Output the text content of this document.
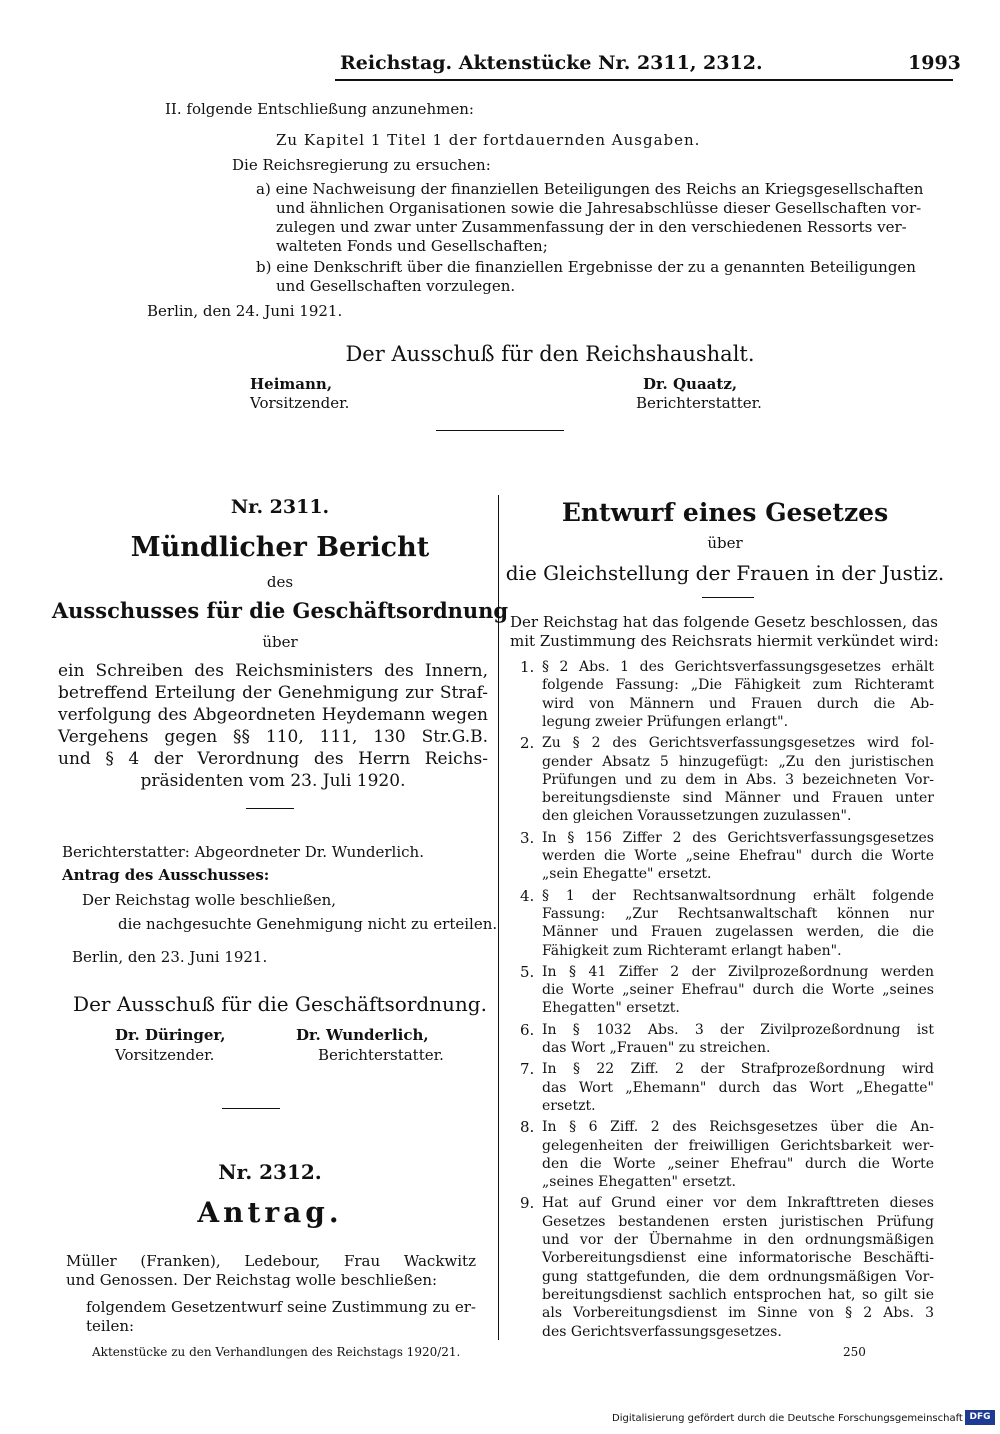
Reichstag. Aktenstücke Nr. 2311, 2312.	1993
II. folgende Entschließung anzunehmen:
Zu Kapitel 1 Titel 1 der fortdauernden Ausgaben.
Die Reichsregierung zu ersuchen:
a) eine Nachweisung der finanziellen Beteiligungen des Reichs an Kriegsgesellschaften
und ähnlichen Organisationen sowie die Jahresabschlüsse dieser Gesellschaften vor-
zulegen und zwar unter Zusammenfassung der in den verschiedenen Ressorts ver-
walteten Fonds und Gesellschaften;
b) eine Denkschrift über die finanziellen Ergebnisse der zu a genannten Beteiligungen
und Gesellschaften vorzulegen.
Berlin, den 24. Juni 1921.
Der Ausschuß für den Reichshaushalt.
Heimann,
Vorsitzender.
Dr. Quaatz,
Berichterstatter.
Nr. 2311.
Mündlicher Bericht
des
Ausschusses für die Geschäftsordnung
über
ein Schreiben des Reichsministers des Innern,
betreffend Erteilung der Genehmigung zur Straf-
verfolgung des Abgeordneten Heydemann wegen
Vergehens gegen §§ 110, 111, 130 Str.G.B.
und § 4 der Verordnung des Herrn Reichs-
präsidenten vom 23. Juli 1920.
Berichterstatter: Abgeordneter Dr. Wunderlich.
Antrag des Ausschusses:
Der Reichstag wolle beschließen,
die nachgesuchte Genehmigung nicht zu erteilen.
Berlin, den 23. Juni 1921.
Der Ausschuß für die Geschäftsordnung.
Dr. Düringer,
Vorsitzender.
Dr. Wunderlich,
Berichterstatter.
Nr. 2312.
Antrag.
Müller (Franken), Ledebour, Frau Wackwitz
und Genossen. Der Reichstag wolle beschließen:
folgendem Gesetzentwurf seine Zustimmung zu er-
teilen:
Aktenstücke zu den Verhandlungen des Reichstags 1920/21.
Entwurf eines Gesetzes
über
die Gleichstellung der Frauen in der Justiz.
Der Reichstag hat das folgende Gesetz beschlossen, das
mit Zustimmung des Reichsrats hiermit verkündet wird:
1. § 2 Abs. 1 des Gerichtsverfassungsgesetzes erhält
folgende Fassung: „Die Fähigkeit zum Richteramt
wird von Männern und Frauen durch die Ab-
legung zweier Prüfungen erlangt".
2. Zu § 2 des Gerichtsverfassungsgesetzes wird fol-
gender Absatz 5 hinzugefügt: „Zu den juristischen
Prüfungen und zu dem in Abs. 3 bezeichneten Vor-
bereitungsdienste sind Männer und Frauen unter
den gleichen Voraussetzungen zuzulassen".
3. In § 156 Ziffer 2 des Gerichtsverfassungsgesetzes
werden die Worte „seine Ehefrau" durch die Worte
„sein Ehegatte" ersetzt.
4. § 1 der Rechtsanwaltsordnung erhält folgende
Fassung: „Zur Rechtsanwaltschaft können nur
Männer und Frauen zugelassen werden, die die
Fähigkeit zum Richteramt erlangt haben".
5. In § 41 Ziffer 2 der Zivilprozeßordnung werden
die Worte „seiner Ehefrau" durch die Worte „seines
Ehegatten" ersetzt.
6. In § 1032 Abs. 3 der Zivilprozeßordnung ist
das Wort „Frauen" zu streichen.
7. In § 22 Ziff. 2 der Strafprozeßordnung wird
das Wort „Ehemann" durch das Wort „Ehegatte"
ersetzt.
8. In § 6 Ziff. 2 des Reichsgesetzes über die An-
gelegenheiten der freiwilligen Gerichtsbarkeit wer-
den die Worte „seiner Ehefrau" durch die Worte
„seines Ehegatten" ersetzt.
9. Hat auf Grund einer vor dem Inkrafttreten dieses
Gesetzes bestandenen ersten juristischen Prüfung
und vor der Übernahme in den ordnungsmäßigen
Vorbereitungsdienst eine informatorische Beschäfti-
gung stattgefunden, die dem ordnungsmäßigen Vor-
bereitungsdienst sachlich entsprochen hat, so gilt sie
als Vorbereitungsdienst im Sinne von § 2 Abs. 3
des Gerichtsverfassungsgesetzes.
250
Digitalisierung gefördert durch die Deutsche Forschungsgemeinschaft DFG
